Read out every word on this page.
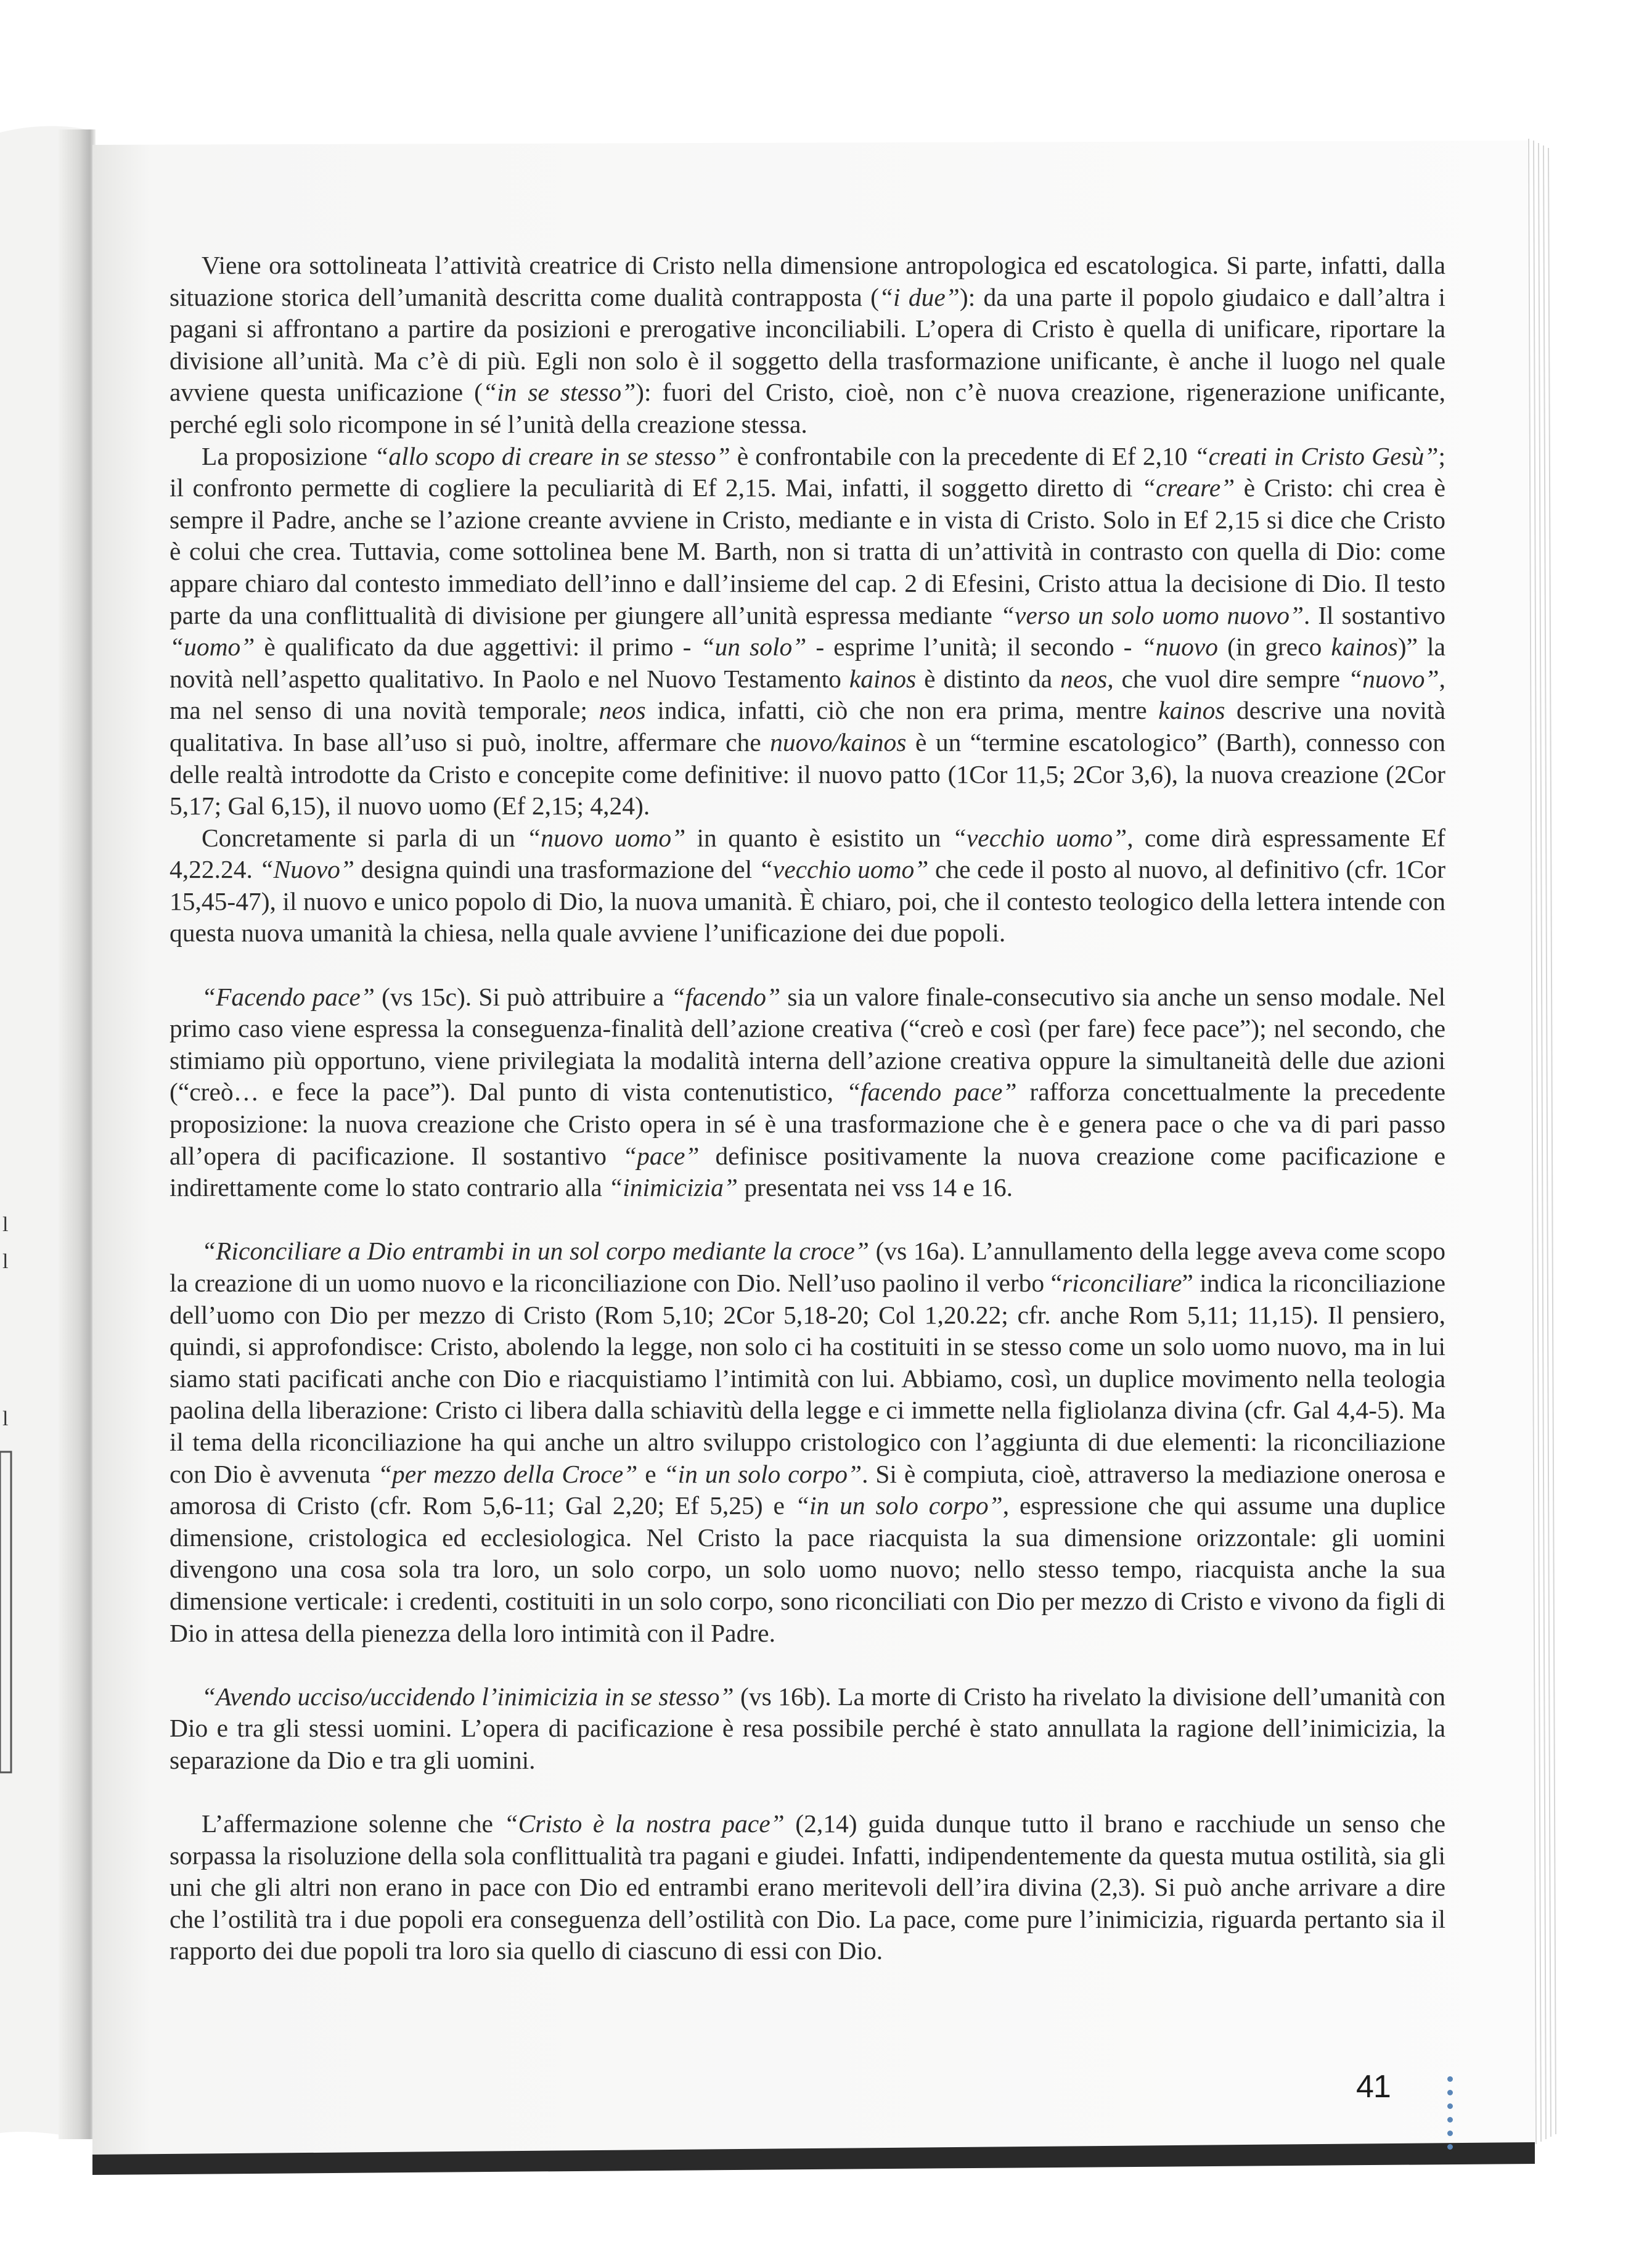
l
l
l

Viene ora sottolineata l’attività creatrice di Cristo nella dimensione antropologica ed escatologica. Si parte, infatti, dalla situazione storica dell’umanità descritta come dualità contrapposta (“i due”): da una parte il popolo giudaico e dall’altra i pagani si affrontano a partire da posizioni e prerogative inconciliabili. L’opera di Cristo è quella di unificare, riportare la divisione all’unità. Ma c’è di più. Egli non solo è il soggetto della trasformazione unificante, è anche il luogo nel quale avviene questa unificazione (“in se stesso”): fuori del Cristo, cioè, non c’è nuova creazione, rigenerazione unificante, perché egli solo ricompone in sé l’unità della creazione stessa.

La proposizione “allo scopo di creare in se stesso” è confrontabile con la precedente di Ef 2,10 “creati in Cristo Gesù”; il confronto permette di cogliere la peculiarità di Ef 2,15. Mai, infatti, il soggetto diretto di “creare” è Cristo: chi crea è sempre il Padre, anche se l’azione creante avviene in Cristo, mediante e in vista di Cristo. Solo in Ef 2,15 si dice che Cristo è colui che crea. Tuttavia, come sottolinea bene M. Barth, non si tratta di un’attività in contrasto con quella di Dio: come appare chiaro dal contesto immediato dell’inno e dall’insieme del cap. 2 di Efesini, Cristo attua la decisione di Dio. Il testo parte da una conflittualità di divisione per giungere all’unità espressa mediante “verso un solo uomo nuovo”. Il sostantivo “uomo” è qualificato da due aggettivi: il primo - “un solo” - esprime l’unità; il secondo - “nuovo (in greco kainos)” la novità nell’aspetto qualitativo. In Paolo e nel Nuovo Testamento kainos è distinto da neos, che vuol dire sempre “nuovo”, ma nel senso di una novità temporale; neos indica, infatti, ciò che non era prima, mentre kainos descrive una novità qualitativa. In base all’uso si può, inoltre, affermare che nuovo/kainos è un “termine escatologico” (Barth), connesso con delle realtà introdotte da Cristo e concepite come definitive: il nuovo patto (1Cor 11,5; 2Cor 3,6), la nuova creazione (2Cor 5,17; Gal 6,15), il nuovo uomo (Ef 2,15; 4,24).

Concretamente si parla di un “nuovo uomo” in quanto è esistito un “vecchio uomo”, come dirà espressamente Ef 4,22.24. “Nuovo” designa quindi una trasformazione del “vecchio uomo” che cede il posto al nuovo, al definitivo (cfr. 1Cor 15,45-47), il nuovo e unico popolo di Dio, la nuova umanità. È chiaro, poi, che il contesto teologico della lettera intende con questa nuova umanità la chiesa, nella quale avviene l’unificazione dei due popoli.

“Facendo pace” (vs 15c). Si può attribuire a “facendo” sia un valore finale-consecutivo sia anche un senso modale. Nel primo caso viene espressa la conseguenza-finalità dell’azione creativa (“creò e così (per fare) fece pace”); nel secondo, che stimiamo più opportuno, viene privilegiata la modalità interna dell’azione creativa oppure la simultaneità delle due azioni (“creò… e fece la pace”). Dal punto di vista contenutistico, “facendo pace” rafforza concettualmente la precedente proposizione: la nuova creazione che Cristo opera in sé è una trasformazione che è e genera pace o che va di pari passo all’opera di pacificazione. Il sostantivo “pace” definisce positivamente la nuova creazione come pacificazione e indirettamente come lo stato contrario alla “inimicizia” presentata nei vss 14 e 16.

“Riconciliare a Dio entrambi in un sol corpo mediante la croce” (vs 16a). L’annullamento della legge aveva come scopo la creazione di un uomo nuovo e la riconciliazione con Dio. Nell’uso paolino il verbo “riconciliare” indica la riconciliazione dell’uomo con Dio per mezzo di Cristo (Rom 5,10; 2Cor 5,18-20; Col 1,20.22; cfr. anche Rom 5,11; 11,15). Il pensiero, quindi, si approfondisce: Cristo, abolendo la legge, non solo ci ha costituiti in se stesso come un solo uomo nuovo, ma in lui siamo stati pacificati anche con Dio e riacquistiamo l’intimità con lui. Abbiamo, così, un duplice movimento nella teologia paolina della liberazione: Cristo ci libera dalla schiavitù della legge e ci immette nella figliolanza divina (cfr. Gal 4,4-5). Ma il tema della riconciliazione ha qui anche un altro sviluppo cristologico con l’aggiunta di due elementi: la riconciliazione con Dio è avvenuta “per mezzo della Croce” e “in un solo corpo”. Si è compiuta, cioè, attraverso la mediazione onerosa e amorosa di Cristo (cfr. Rom 5,6-11; Gal 2,20; Ef 5,25) e “in un solo corpo”, espressione che qui assume una duplice dimensione, cristologica ed ecclesiologica. Nel Cristo la pace riacquista la sua dimensione orizzontale: gli uomini divengono una cosa sola tra loro, un solo corpo, un solo uomo nuovo; nello stesso tempo, riacquista anche la sua dimensione verticale: i credenti, costituiti in un solo corpo, sono riconciliati con Dio per mezzo di Cristo e vivono da figli di Dio in attesa della pienezza della loro intimità con il Padre.

“Avendo ucciso/uccidendo l’inimicizia in se stesso” (vs 16b). La morte di Cristo ha rivelato la divisione dell’umanità con Dio e tra gli stessi uomini. L’opera di pacificazione è resa possibile perché è stato annullata la ragione dell’inimicizia, la separazione da Dio e tra gli uomini.

L’affermazione solenne che “Cristo è la nostra pace” (2,14) guida dunque tutto il brano e racchiude un senso che sorpassa la risoluzione della sola conflittualità tra pagani e giudei. Infatti, indipendentemente da questa mutua ostilità, sia gli uni che gli altri non erano in pace con Dio ed entrambi erano meritevoli dell’ira divina (2,3). Si può anche arrivare a dire che l’ostilità tra i due popoli era conseguenza dell’ostilità con Dio. La pace, come pure l’inimicizia, riguarda pertanto sia il rapporto dei due popoli tra loro sia quello di ciascuno di essi con Dio.

41
